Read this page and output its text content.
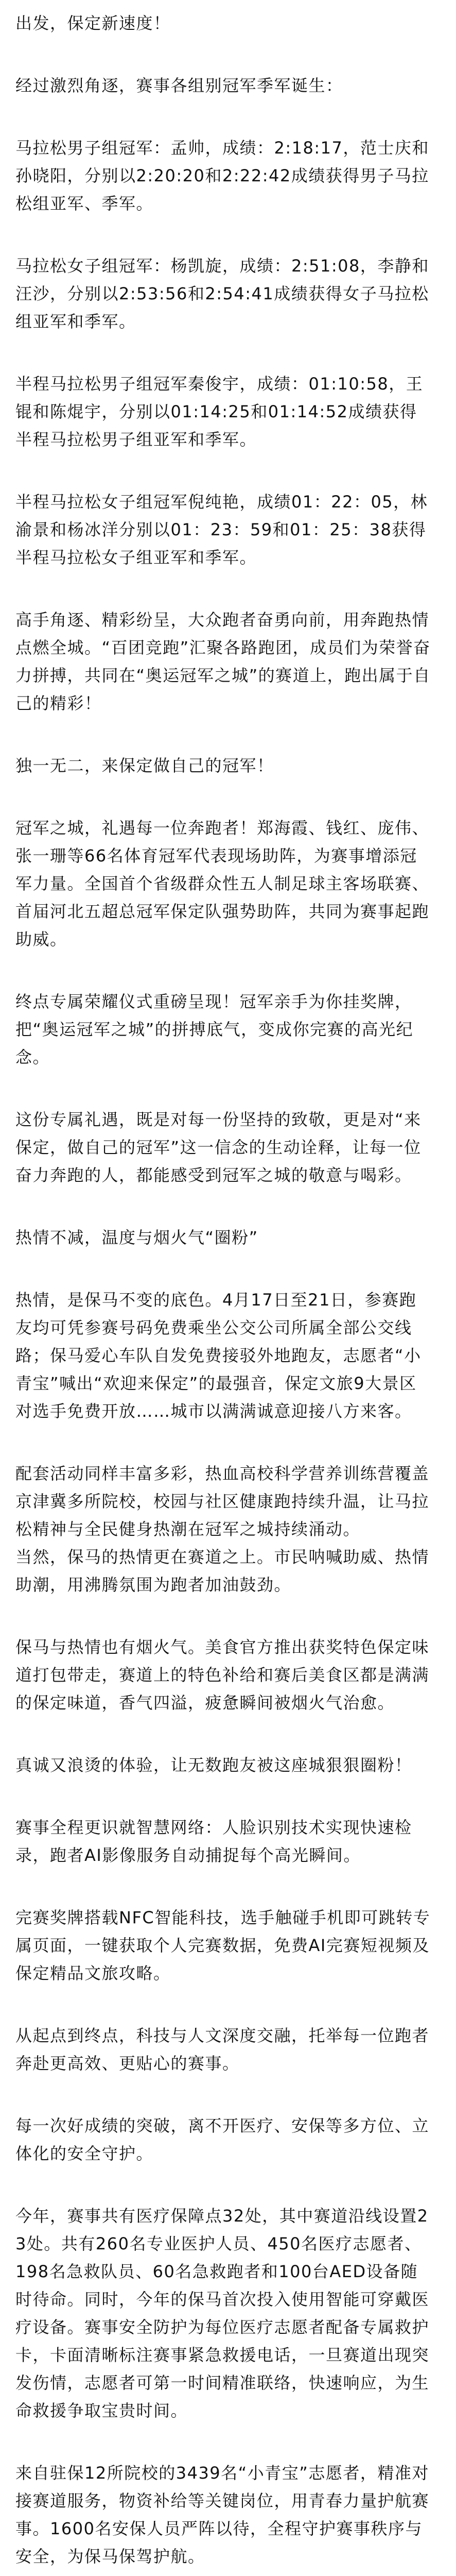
出发，保定新速度！

经过激烈角逐，赛事各组别冠军季军诞生：

马拉松男子组冠军：孟帅，成绩：2:18:17，范士庆和孙晓阳，分别以2:20:20和2:22:42成绩获得男子马拉松组亚军、季军。

马拉松女子组冠军：杨凯旋，成绩：2:51:08，李静和汪沙，分别以2:53:56和2:54:41成绩获得女子马拉松组亚军和季军。

半程马拉松男子组冠军秦俊宇，成绩：01:10:58，王锟和陈焜宇，分别以01:14:25和01:14:52成绩获得半程马拉松男子组亚军和季军。

半程马拉松女子组冠军倪纯艳，成绩01：22：05，林渝景和杨冰洋分别以01：23：59和01：25：38获得半程马拉松女子组亚军和季军。

高手角逐、精彩纷呈，大众跑者奋勇向前，用奔跑热情点燃全城。“百团竞跑”汇聚各路跑团，成员们为荣誉奋力拼搏，共同在“奥运冠军之城”的赛道上，跑出属于自己的精彩！

独一无二，来保定做自己的冠军！

冠军之城，礼遇每一位奔跑者！郑海霞、钱红、庞伟、张一珊等66名体育冠军代表现场助阵，为赛事增添冠军力量。全国首个省级群众性五人制足球主客场联赛、首届河北五超总冠军保定队强势助阵，共同为赛事起跑助威。

终点专属荣耀仪式重磅呈现！冠军亲手为你挂奖牌，把“奥运冠军之城”的拼搏底气，变成你完赛的高光纪念。

这份专属礼遇，既是对每一份坚持的致敬，更是对“来保定，做自己的冠军”这一信念的生动诠释，让每一位奋力奔跑的人，都能感受到冠军之城的敬意与喝彩。

热情不减，温度与烟火气“圈粉”

热情，是保马不变的底色。4月17日至21日，参赛跑友均可凭参赛号码免费乘坐公交公司所属全部公交线路；保马爱心车队自发免费接驳外地跑友，志愿者“小青宝”喊出“欢迎来保定”的最强音，保定文旅9大景区对选手免费开放……城市以满满诚意迎接八方来客。

配套活动同样丰富多彩，热血高校科学营养训练营覆盖京津冀多所院校，校园与社区健康跑持续升温，让马拉松精神与全民健身热潮在冠军之城持续涌动。

当然，保马的热情更在赛道之上。市民呐喊助威、热情助潮，用沸腾氛围为跑者加油鼓劲。

保马与热情也有烟火气。美食官方推出获奖特色保定味道打包带走，赛道上的特色补给和赛后美食区都是满满的保定味道，香气四溢，疲惫瞬间被烟火气治愈。

真诚又浪烫的体验，让无数跑友被这座城狠狠圈粉！

赛事全程更识就智慧网络：人脸识别技术实现快速检录，跑者AI影像服务自动捕捉每个高光瞬间。

完赛奖牌搭载NFC智能科技，选手触碰手机即可跳转专属页面，一键获取个人完赛数据，免费AI完赛短视频及保定精品文旅攻略。

从起点到终点，科技与人文深度交融，托举每一位跑者奔赴更高效、更贴心的赛事。

每一次好成绩的突破，离不开医疗、安保等多方位、立体化的安全守护。

今年，赛事共有医疗保障点32处，其中赛道沿线设置23处。共有260名专业医护人员、450名医疗志愿者、198名急救队员、60名急救跑者和100台AED设备随时待命。同时，今年的保马首次投入使用智能可穿戴医疗设备。赛事安全防护为每位医疗志愿者配备专属救护卡，卡面清晰标注赛事紧急救援电话，一旦赛道出现突发伤情，志愿者可第一时间精准联络，快速响应，为生命救援争取宝贵时间。

来自驻保12所院校的3439名“小青宝”志愿者，精准对接赛道服务，物资补给等关键岗位，用青春力量护航赛事。1600名安保人员严阵以待，全程守护赛事秩序与安全，为保马保驾护航。
